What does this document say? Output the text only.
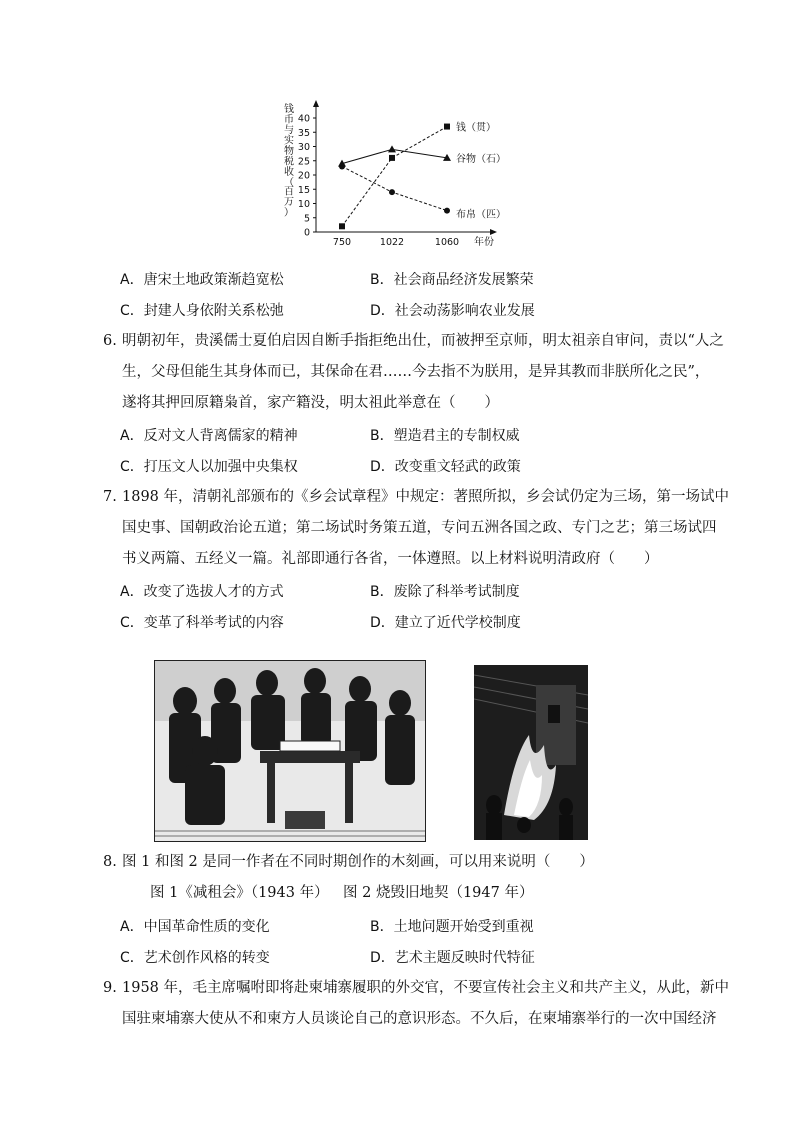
钱币与实物税收（百万）
0
5
10
15
20
25
30
35
40
750	1022	1060 年份
钱（贯）
谷物（石）
布帛（匹）
A．唐宋土地政策渐趋宽松	B．社会商品经济发展繁荣
C．封建人身依附关系松弛	D．社会动荡影响农业发展
6. 明朝初年，贵溪儒士夏伯启因自断手指拒绝出仕，而被押至京师，明太祖亲自审问，责以“人之
生，父母但能生其身体而已，其保命在君……今去指不为朕用，是异其教而非朕所化之民”，
遂将其押回原籍枭首，家产籍没，明太祖此举意在（　　）
A．反对文人背离儒家的精神	B．塑造君主的专制权威
C．打压文人以加强中央集权	D．改变重文轻武的政策
7. 1898 年，清朝礼部颁布的《乡会试章程》中规定：著照所拟，乡会试仍定为三场，第一场试中
国史事、国朝政治论五道；第二场试时务策五道，专问五洲各国之政、专门之艺；第三场试四
书义两篇、五经义一篇。礼部即通行各省，一体遵照。以上材料说明清政府（　　）
A．改变了选拔人才的方式	B．废除了科举考试制度
C．变革了科举考试的内容	D．建立了近代学校制度
8. 图 1 和图 2 是同一作者在不同时期创作的木刻画，可以用来说明（　　）
图 1《减租会》（1943 年） 图 2 烧毁旧地契（1947 年）
A．中国革命性质的变化	B．土地问题开始受到重视
C．艺术创作风格的转变	D．艺术主题反映时代特征
9. 1958 年，毛主席嘱咐即将赴柬埔寨履职的外交官，不要宣传社会主义和共产主义，从此，新中
国驻柬埔寨大使从不和柬方人员谈论自己的意识形态。不久后，在柬埔寨举行的一次中国经济
